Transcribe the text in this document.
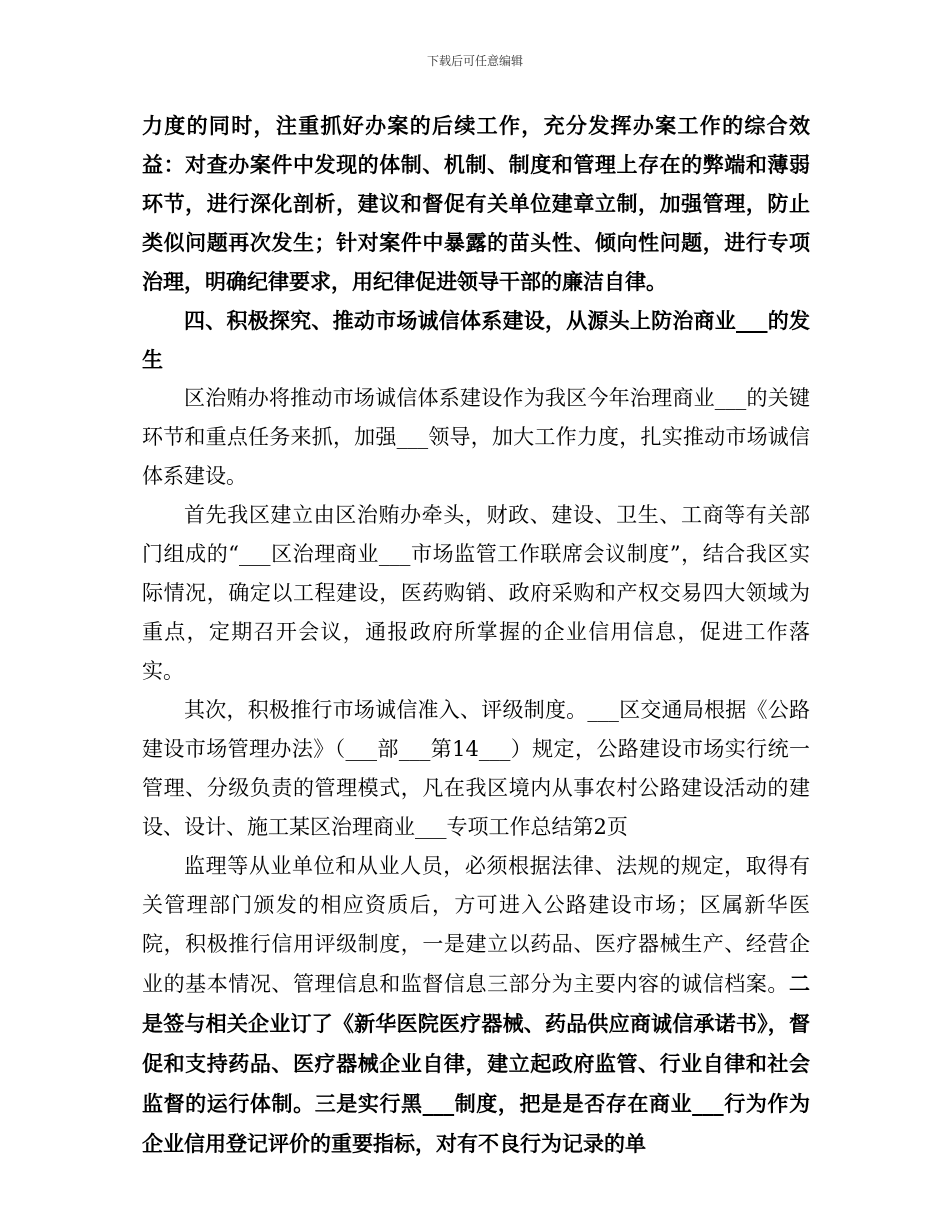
下载后可任意编辑

力度的同时，注重抓好办案的后续工作，充分发挥办案工作的综合效益：对查办案件中发现的体制、机制、制度和管理上存在的弊端和薄弱环节，进行深化剖析，建议和督促有关单位建章立制，加强管理，防止类似问题再次发生；针对案件中暴露的苗头性、倾向性问题，进行专项治理，明确纪律要求，用纪律促进领导干部的廉洁自律。

四、积极探究、推动市场诚信体系建设，从源头上防治商业___的发生

区治贿办将推动市场诚信体系建设作为我区今年治理商业___的关键环节和重点任务来抓，加强___领导，加大工作力度，扎实推动市场诚信体系建设。

首先我区建立由区治贿办牵头，财政、建设、卫生、工商等有关部门组成的“___区治理商业___市场监管工作联席会议制度”，结合我区实际情况，确定以工程建设，医药购销、政府采购和产权交易四大领域为重点，定期召开会议，通报政府所掌握的企业信用信息，促进工作落实。

其次，积极推行市场诚信准入、评级制度。___区交通局根据《公路建设市场管理办法》（___部___第14___）规定，公路建设市场实行统一管理、分级负责的管理模式，凡在我区境内从事农村公路建设活动的建设、设计、施工某区治理商业___专项工作总结第2页

监理等从业单位和从业人员，必须根据法律、法规的规定，取得有关管理部门颁发的相应资质后，方可进入公路建设市场；区属新华医院，积极推行信用评级制度，一是建立以药品、医疗器械生产、经营企业的基本情况、管理信息和监督信息三部分为主要内容的诚信档案。二是签与相关企业订了《新华医院医疗器械、药品供应商诚信承诺书》，督促和支持药品、医疗器械企业自律，建立起政府监管、行业自律和社会监督的运行体制。三是实行黑___制度，把是是否存在商业___行为作为企业信用登记评价的重要指标，对有不良行为记录的单
